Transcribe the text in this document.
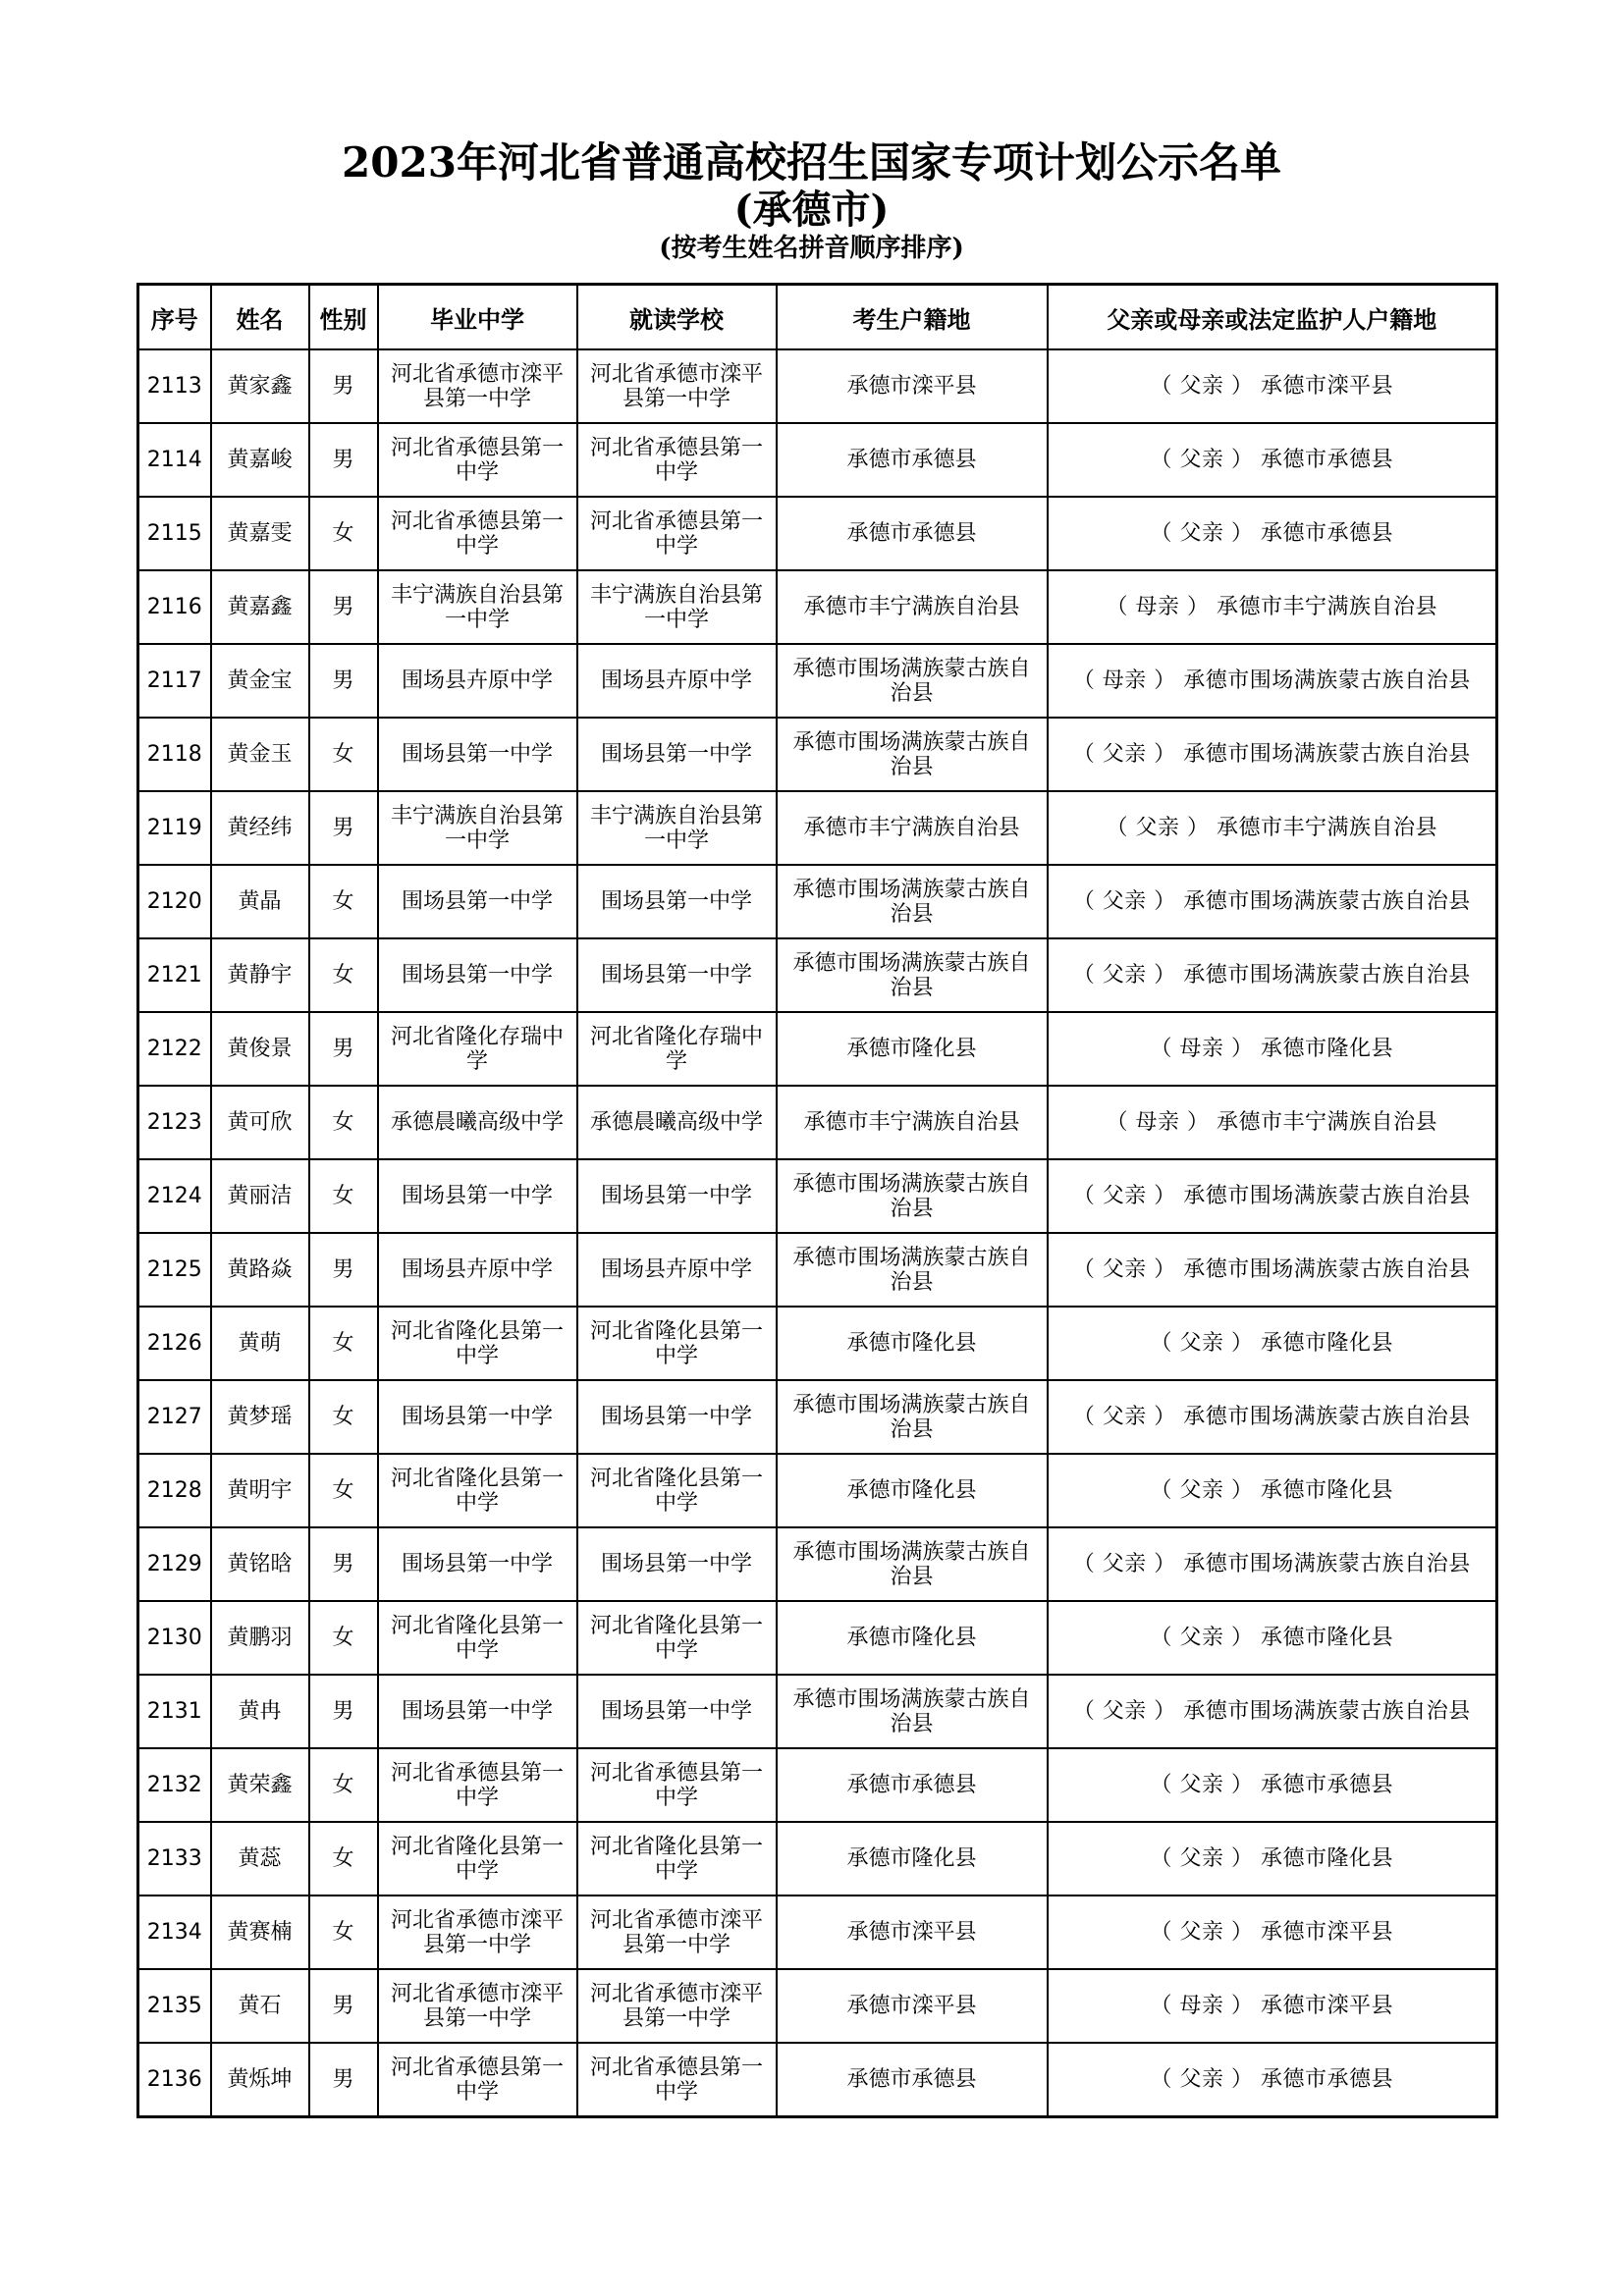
2023年河北省普通高校招生国家专项计划公示名单
(承德市)
(按考生姓名拼音顺序排序)
序号	姓名	性别	毕业中学	就读学校	考生户籍地	父亲或母亲或法定监护人户籍地
2113	黄家鑫	男	河北省承德市滦平县第一中学	河北省承德市滦平县第一中学	承德市滦平县	（ 父亲 ） 承德市滦平县
2114	黄嘉峻	男	河北省承德县第一中学	河北省承德县第一中学	承德市承德县	（ 父亲 ） 承德市承德县
2115	黄嘉雯	女	河北省承德县第一中学	河北省承德县第一中学	承德市承德县	（ 父亲 ） 承德市承德县
2116	黄嘉鑫	男	丰宁满族自治县第一中学	丰宁满族自治县第一中学	承德市丰宁满族自治县	（ 母亲 ） 承德市丰宁满族自治县
2117	黄金宝	男	围场县卉原中学	围场县卉原中学	承德市围场满族蒙古族自治县	（ 母亲 ） 承德市围场满族蒙古族自治县
2118	黄金玉	女	围场县第一中学	围场县第一中学	承德市围场满族蒙古族自治县	（ 父亲 ） 承德市围场满族蒙古族自治县
2119	黄经纬	男	丰宁满族自治县第一中学	丰宁满族自治县第一中学	承德市丰宁满族自治县	（ 父亲 ） 承德市丰宁满族自治县
2120	黄晶	女	围场县第一中学	围场县第一中学	承德市围场满族蒙古族自治县	（ 父亲 ） 承德市围场满族蒙古族自治县
2121	黄静宇	女	围场县第一中学	围场县第一中学	承德市围场满族蒙古族自治县	（ 父亲 ） 承德市围场满族蒙古族自治县
2122	黄俊景	男	河北省隆化存瑞中学	河北省隆化存瑞中学	承德市隆化县	（ 母亲 ） 承德市隆化县
2123	黄可欣	女	承德晨曦高级中学	承德晨曦高级中学	承德市丰宁满族自治县	（ 母亲 ） 承德市丰宁满族自治县
2124	黄丽洁	女	围场县第一中学	围场县第一中学	承德市围场满族蒙古族自治县	（ 父亲 ） 承德市围场满族蒙古族自治县
2125	黄路焱	男	围场县卉原中学	围场县卉原中学	承德市围场满族蒙古族自治县	（ 父亲 ） 承德市围场满族蒙古族自治县
2126	黄萌	女	河北省隆化县第一中学	河北省隆化县第一中学	承德市隆化县	（ 父亲 ） 承德市隆化县
2127	黄梦瑶	女	围场县第一中学	围场县第一中学	承德市围场满族蒙古族自治县	（ 父亲 ） 承德市围场满族蒙古族自治县
2128	黄明宇	女	河北省隆化县第一中学	河北省隆化县第一中学	承德市隆化县	（ 父亲 ） 承德市隆化县
2129	黄铭晗	男	围场县第一中学	围场县第一中学	承德市围场满族蒙古族自治县	（ 父亲 ） 承德市围场满族蒙古族自治县
2130	黄鹏羽	女	河北省隆化县第一中学	河北省隆化县第一中学	承德市隆化县	（ 父亲 ） 承德市隆化县
2131	黄冉	男	围场县第一中学	围场县第一中学	承德市围场满族蒙古族自治县	（ 父亲 ） 承德市围场满族蒙古族自治县
2132	黄荣鑫	女	河北省承德县第一中学	河北省承德县第一中学	承德市承德县	（ 父亲 ） 承德市承德县
2133	黄蕊	女	河北省隆化县第一中学	河北省隆化县第一中学	承德市隆化县	（ 父亲 ） 承德市隆化县
2134	黄赛楠	女	河北省承德市滦平县第一中学	河北省承德市滦平县第一中学	承德市滦平县	（ 父亲 ） 承德市滦平县
2135	黄石	男	河北省承德市滦平县第一中学	河北省承德市滦平县第一中学	承德市滦平县	（ 母亲 ） 承德市滦平县
2136	黄烁坤	男	河北省承德县第一中学	河北省承德县第一中学	承德市承德县	（ 父亲 ） 承德市承德县
